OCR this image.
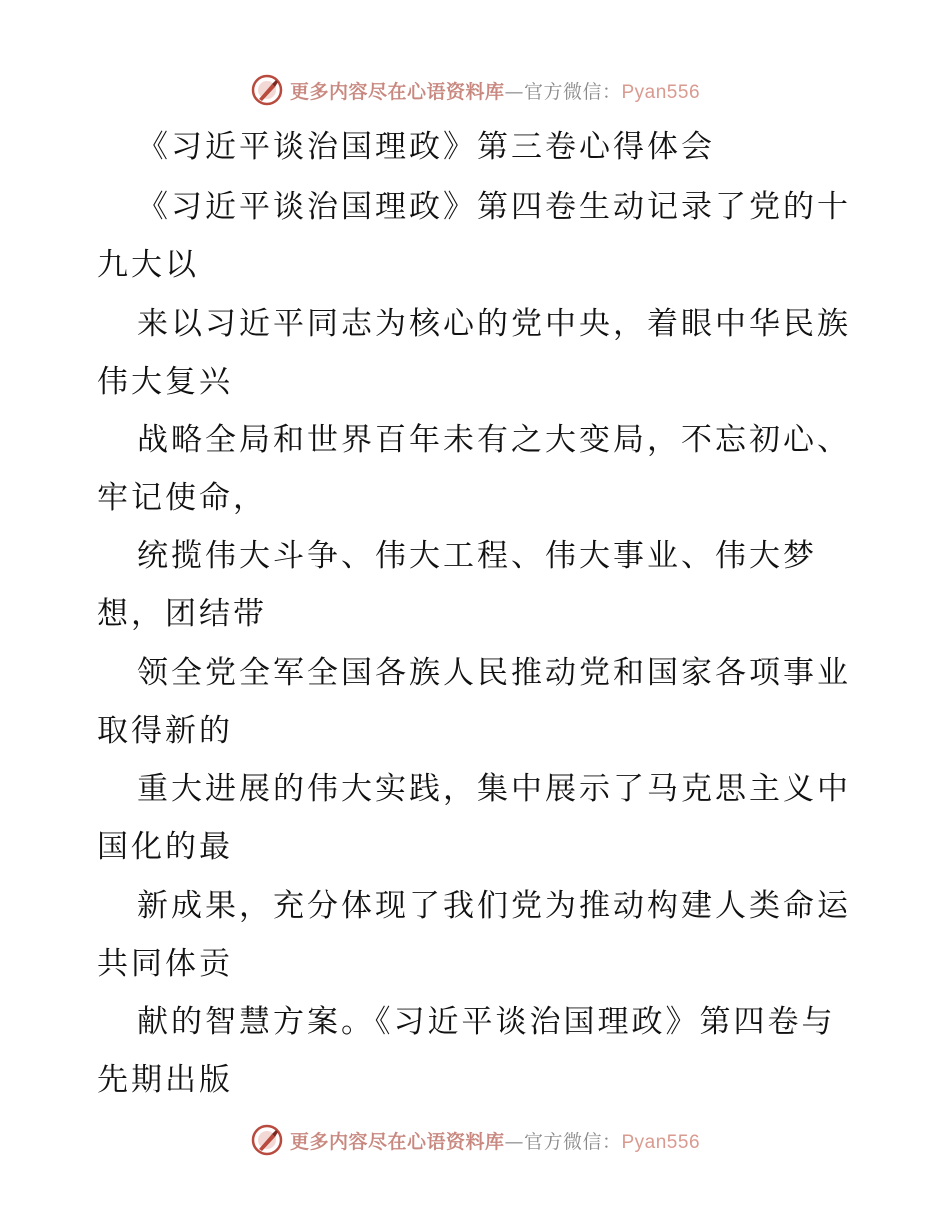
更多内容尽在心语资料库—官方微信：Pyan556
《习近平谈治国理政》第三卷心得体会
《习近平谈治国理政》第四卷生动记录了党的十
九大以
来以习近平同志为核心的党中央，着眼中华民族
伟大复兴
战略全局和世界百年未有之大变局，不忘初心、
牢记使命，
统揽伟大斗争、伟大工程、伟大事业、伟大梦
想，团结带
领全党全军全国各族人民推动党和国家各项事业
取得新的
重大进展的伟大实践，集中展示了马克思主义中
国化的最
新成果，充分体现了我们党为推动构建人类命运
共同体贡
献的智慧方案。《习近平谈治国理政》第四卷与
先期出版
更多内容尽在心语资料库—官方微信：Pyan556
